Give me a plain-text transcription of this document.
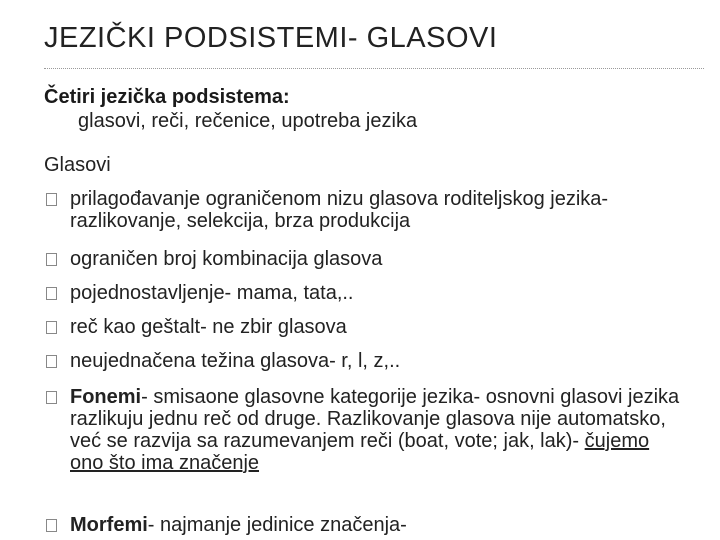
JEZIČKI PODSISTEMI- GLASOVI
Četiri jezička podsistema:
glasovi, reči, rečenice, upotreba jezika
Glasovi
prilagođavanje ograničenom nizu glasova roditeljskog jezika- razlikovanje, selekcija, brza produkcija
ograničen broj kombinacija glasova
pojednostavljenje- mama, tata,..
reč kao geštalt- ne zbir glasova
neujednačena težina glasova- r, l, z,..
Fonemi- smisaone glasovne kategorije jezika- osnovni glasovi jezika razlikuju jednu reč od druge. Razlikovanje glasova nije automatsko, već se razvija sa razumevanjem reči (boat, vote; jak, lak)- čujemo ono što ima značenje
Morfemi- najmanje jedinice značenja-
